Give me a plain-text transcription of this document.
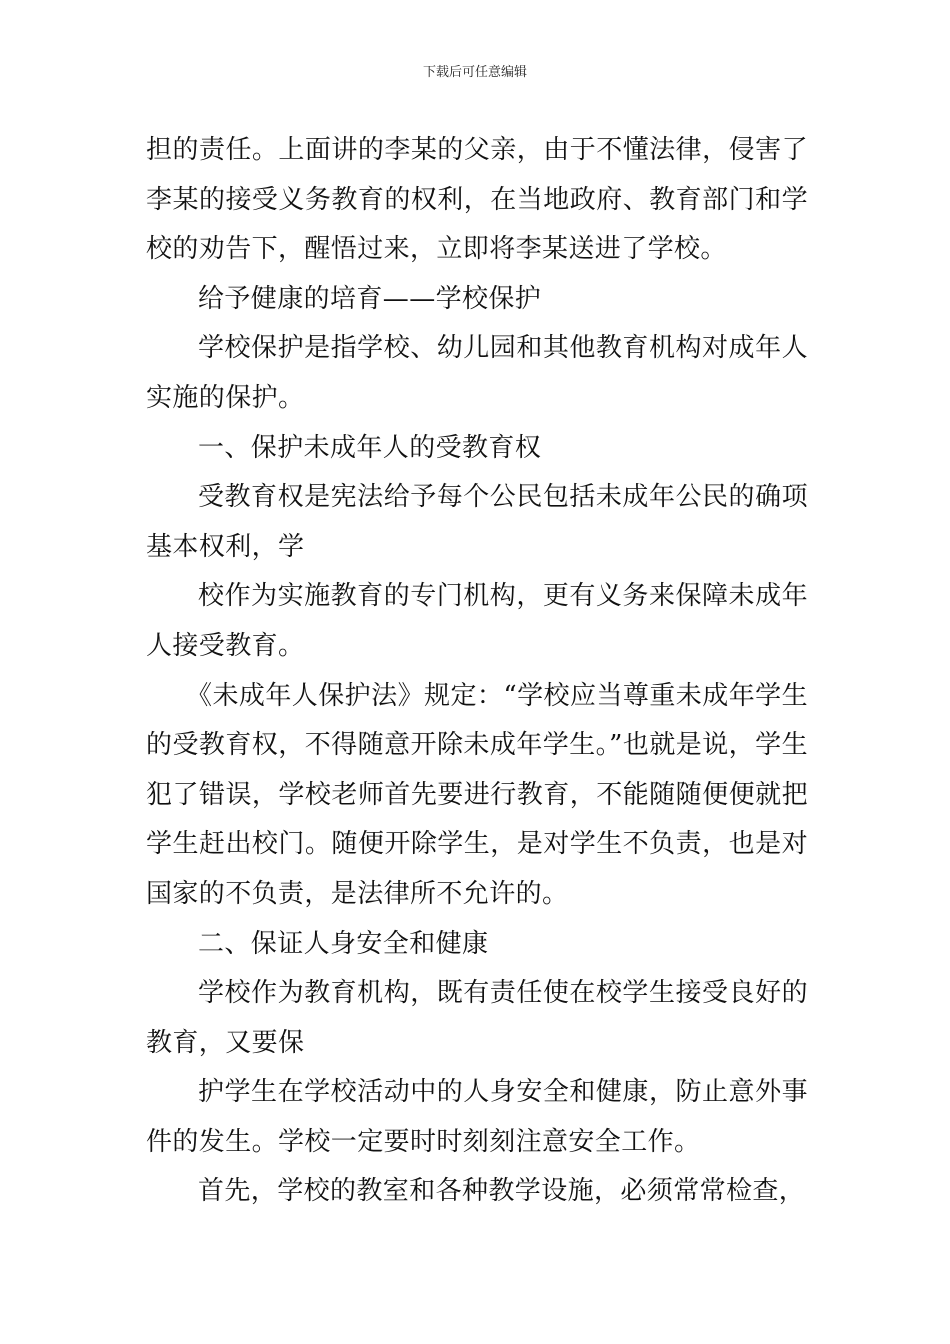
下载后可任意编辑

担的责任。上面讲的李某的父亲，由于不懂法律，侵害了李某的接受义务教育的权利，在当地政府、教育部门和学校的劝告下，醒悟过来，立即将李某送进了学校。

给予健康的培育——学校保护

学校保护是指学校、幼儿园和其他教育机构对成年人实施的保护。

一、保护未成年人的受教育权

受教育权是宪法给予每个公民包括未成年公民的确项基本权利，学

校作为实施教育的专门机构，更有义务来保障未成年人接受教育。

《未成年人保护法》规定：“学校应当尊重未成年学生的受教育权，不得随意开除未成年学生。”也就是说，学生犯了错误，学校老师首先要进行教育，不能随随便便就把学生赶出校门。随便开除学生，是对学生不负责，也是对国家的不负责，是法律所不允许的。

二、保证人身安全和健康

学校作为教育机构，既有责任使在校学生接受良好的教育，又要保

护学生在学校活动中的人身安全和健康，防止意外事件的发生。学校一定要时时刻刻注意安全工作。

首先，学校的教室和各种教学设施，必须常常检查，
